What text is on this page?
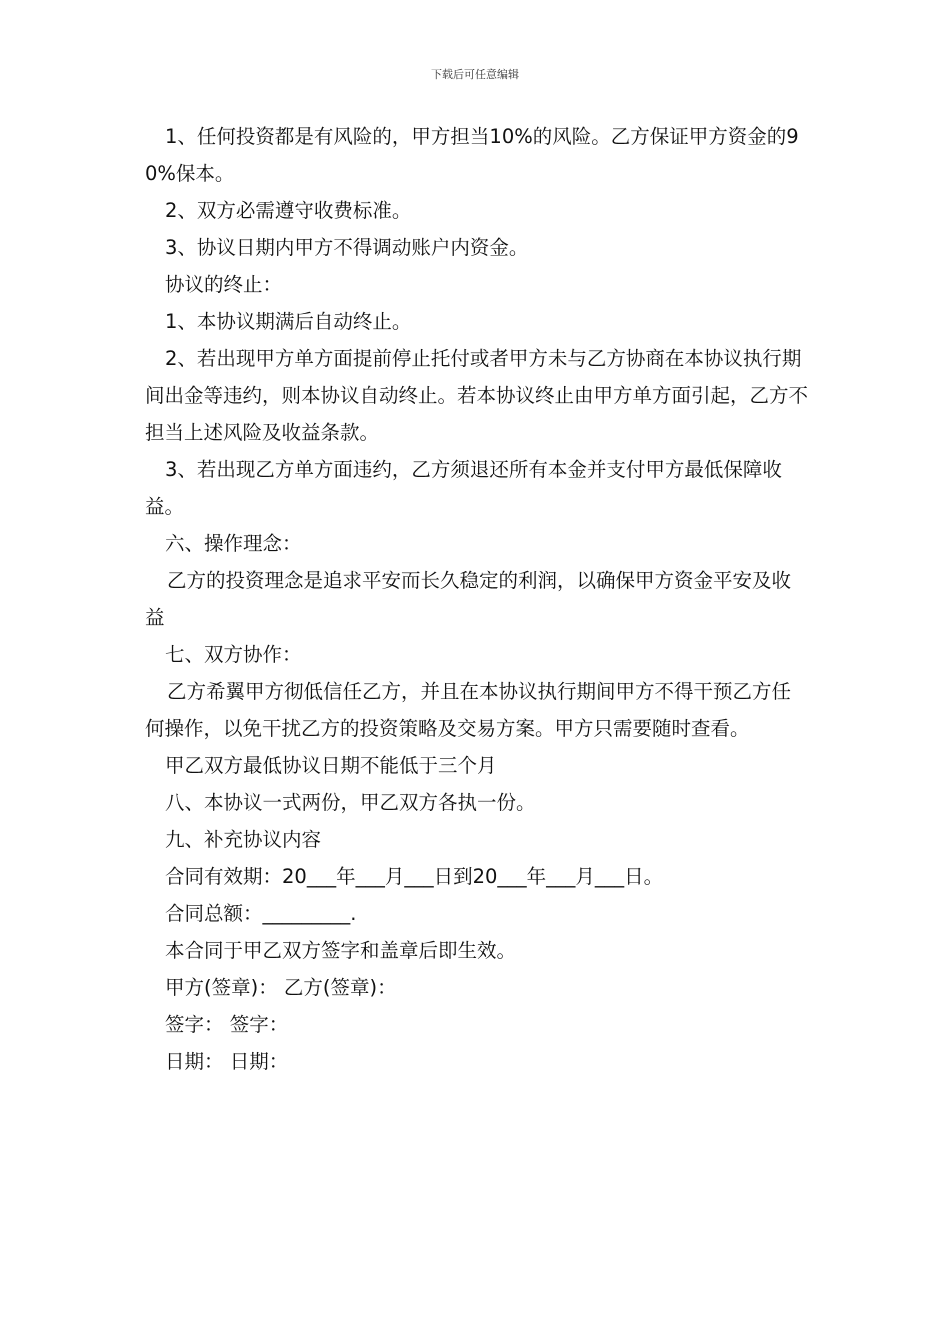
下载后可任意编辑

1、任何投资都是有风险的，甲方担当10%的风险。乙方保证甲方资金的90%保本。

2、双方必需遵守收费标准。

3、协议日期内甲方不得调动账户内资金。

协议的终止：

1、本协议期满后自动终止。

2、若出现甲方单方面提前停止托付或者甲方未与乙方协商在本协议执行期间出金等违约，则本协议自动终止。若本协议终止由甲方单方面引起，乙方不担当上述风险及收益条款。

3、若出现乙方单方面违约，乙方须退还所有本金并支付甲方最低保障收益。

六、操作理念：

乙方的投资理念是追求平安而长久稳定的利润，以确保甲方资金平安及收益

七、双方协作：

乙方希翼甲方彻低信任乙方，并且在本协议执行期间甲方不得干预乙方任何操作，以免干扰乙方的投资策略及交易方案。甲方只需要随时查看。

甲乙双方最低协议日期不能低于三个月

八、本协议一式两份，甲乙双方各执一份。

九、补充协议内容

合同有效期：20___年___月___日到20___年___月___日。

合同总额：_________.

本合同于甲乙双方签字和盖章后即生效。

甲方(签章)： 乙方(签章)：

签字： 签字：

日期： 日期：
